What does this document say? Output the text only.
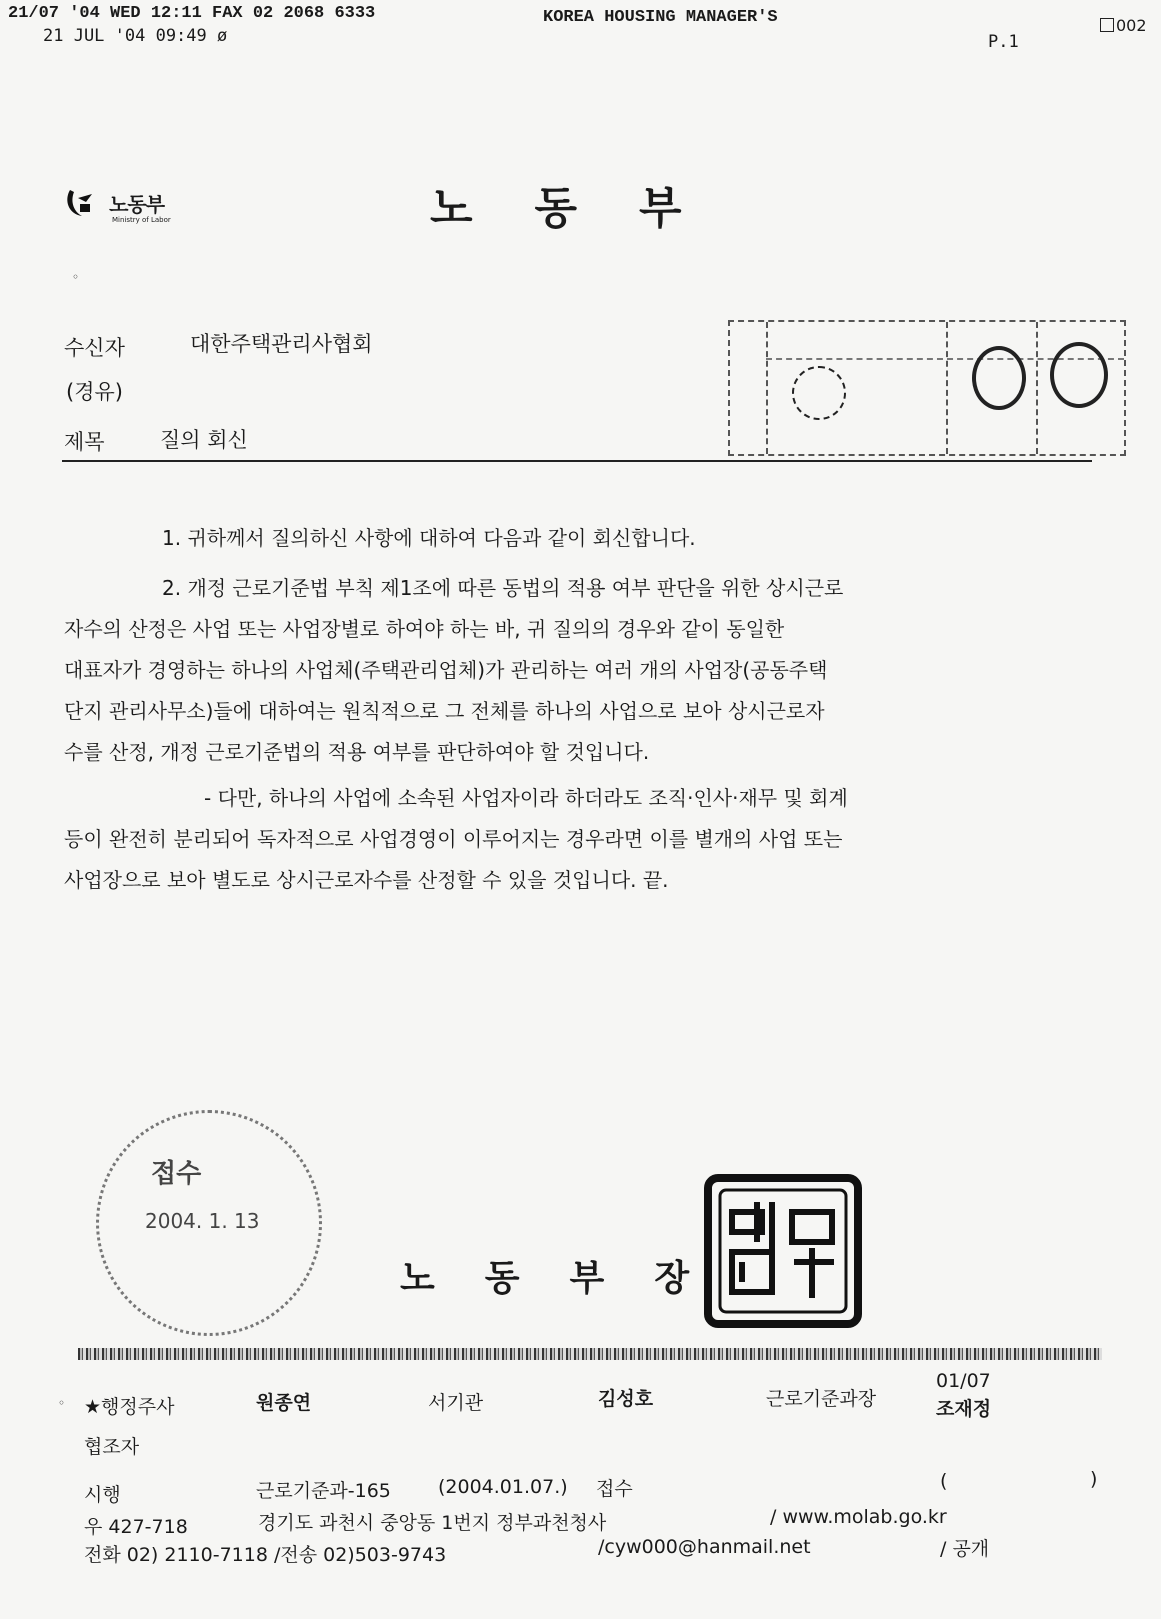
21/07 '04 WED 12:11 FAX 02 2068 6333	KOREA HOUSING MANAGER'S	002
21 JUL '04 09:49 ø	P.1
노동부
Ministry of Labor	노동부
◦
수신자	대한주택관리사협회
(경유)
제목	질의 회신
1. 귀하께서 질의하신 사항에 대하여 다음과 같이 회신합니다.
2. 개정 근로기준법 부칙 제1조에 따른 동법의 적용 여부 판단을 위한 상시근로
자수의 산정은 사업 또는 사업장별로 하여야 하는 바, 귀 질의의 경우와 같이 동일한
대표자가 경영하는 하나의 사업체(주택관리업체)가 관리하는 여러 개의 사업장(공동주택
단지 관리사무소)들에 대하여는 원칙적으로 그 전체를 하나의 사업으로 보아 상시근로자
수를 산정, 개정 근로기준법의 적용 여부를 판단하여야 할 것입니다.
- 다만, 하나의 사업에 소속된 사업자이라 하더라도 조직·인사·재무 및 회계
등이 완전히 분리되어 독자적으로 사업경영이 이루어지는 경우라면 이를 별개의 사업 또는
사업장으로 보아 별도로 상시근로자수를 산정할 수 있을 것입니다. 끝.
접수
2004. 1. 13
노동부장
◦ ★행정주사	원종연	서기관	김성호	근로기준과장
01/07
조재정
협조자
시행	근로기준과-165 (2004.01.07.) 접수	(	)
우 427-718	경기도 과천시 중앙동 1번지 정부과천청사	/ www.molab.go.kr
전화 02) 2110-7118 /전송 02)503-9743	/cyw000@hanmail.net	/ 공개
